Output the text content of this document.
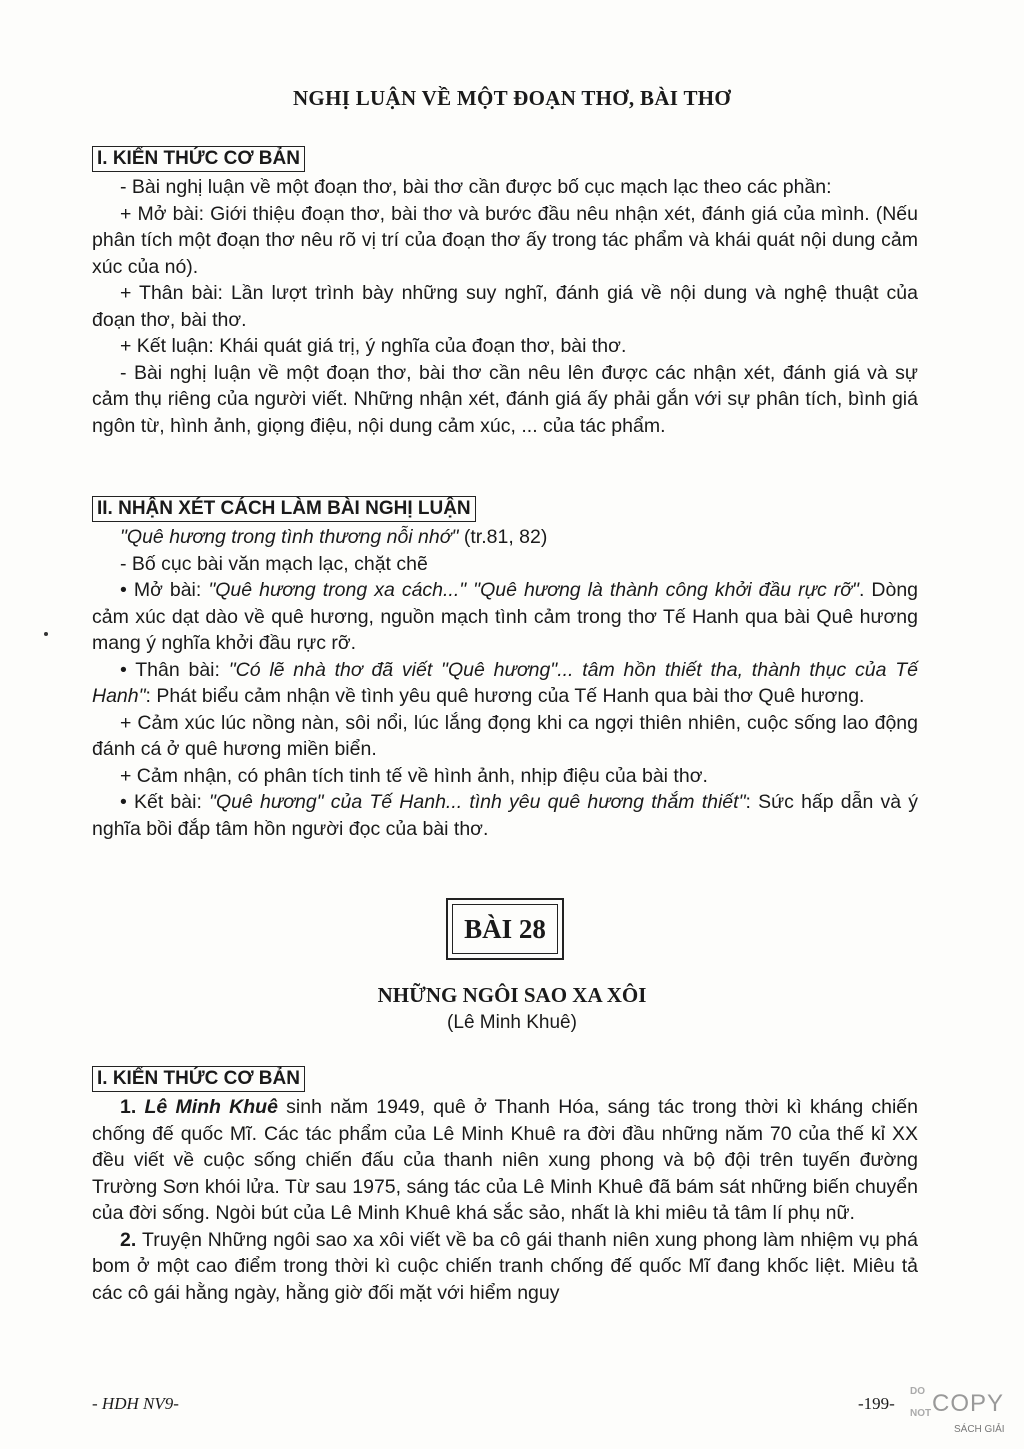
NGHỊ LUẬN VỀ MỘT ĐOẠN THƠ, BÀI THƠ
I. KIẾN THỨC CƠ BẢN

- Bài nghị luận về một đoạn thơ, bài thơ cần được bố cục mạch lạc theo các phần:

+ Mở bài: Giới thiệu đoạn thơ, bài thơ và bước đầu nêu nhận xét, đánh giá của mình. (Nếu phân tích một đoạn thơ nêu rõ vị trí của đoạn thơ ấy trong tác phẩm và khái quát nội dung cảm xúc của nó).

+ Thân bài: Lần lượt trình bày những suy nghĩ, đánh giá về nội dung và nghệ thuật của đoạn thơ, bài thơ.

+ Kết luận: Khái quát giá trị, ý nghĩa của đoạn thơ, bài thơ.

- Bài nghị luận về một đoạn thơ, bài thơ cần nêu lên được các nhận xét, đánh giá và sự cảm thụ riêng của người viết. Những nhận xét, đánh giá ấy phải gắn với sự phân tích, bình giá ngôn từ, hình ảnh, giọng điệu, nội dung cảm xúc, ... của tác phẩm.

II. NHẬN XÉT CÁCH LÀM BÀI NGHỊ LUẬN

"Quê hương trong tình thương nỗi nhớ" (tr.81, 82)

- Bố cục bài văn mạch lạc, chặt chẽ

• Mở bài: "Quê hương trong xa cách..." "Quê hương là thành công khởi đầu rực rỡ". Dòng cảm xúc dạt dào về quê hương, nguồn mạch tình cảm trong thơ Tế Hanh qua bài Quê hương mang ý nghĩa khởi đầu rực rỡ.

• Thân bài: "Có lẽ nhà thơ đã viết "Quê hương"... tâm hồn thiết tha, thành thục của Tế Hanh": Phát biểu cảm nhận về tình yêu quê hương của Tế Hanh qua bài thơ Quê hương.

+ Cảm xúc lúc nồng nàn, sôi nổi, lúc lắng đọng khi ca ngợi thiên nhiên, cuộc sống lao động đánh cá ở quê hương miền biển.

+ Cảm nhận, có phân tích tinh tế về hình ảnh, nhịp điệu của bài thơ.

• Kết bài: "Quê hương" của Tế Hanh... tình yêu quê hương thắm thiết": Sức hấp dẫn và ý nghĩa bồi đắp tâm hồn người đọc của bài thơ.

BÀI 28
NHỮNG NGÔI SAO XA XÔI
(Lê Minh Khuê)
I. KIẾN THỨC CƠ BẢN

1. Lê Minh Khuê sinh năm 1949, quê ở Thanh Hóa, sáng tác trong thời kì kháng chiến chống đế quốc Mĩ. Các tác phẩm của Lê Minh Khuê ra đời đầu những năm 70 của thế kỉ XX đều viết về cuộc sống chiến đấu của thanh niên xung phong và bộ đội trên tuyến đường Trường Sơn khói lửa. Từ sau 1975, sáng tác của Lê Minh Khuê đã bám sát những biến chuyển của đời sống. Ngòi bút của Lê Minh Khuê khá sắc sảo, nhất là khi miêu tả tâm lí phụ nữ.

2. Truyện Những ngôi sao xa xôi viết về ba cô gái thanh niên xung phong làm nhiệm vụ phá bom ở một cao điểm trong thời kì cuộc chiến tranh chống đế quốc Mĩ đang khốc liệt. Miêu tả các cô gái hằng ngày, hằng giờ đối mặt với hiểm nguy

- HDH NV9-	-199-
DO
NOT COPY
SÁCH GIẢI
